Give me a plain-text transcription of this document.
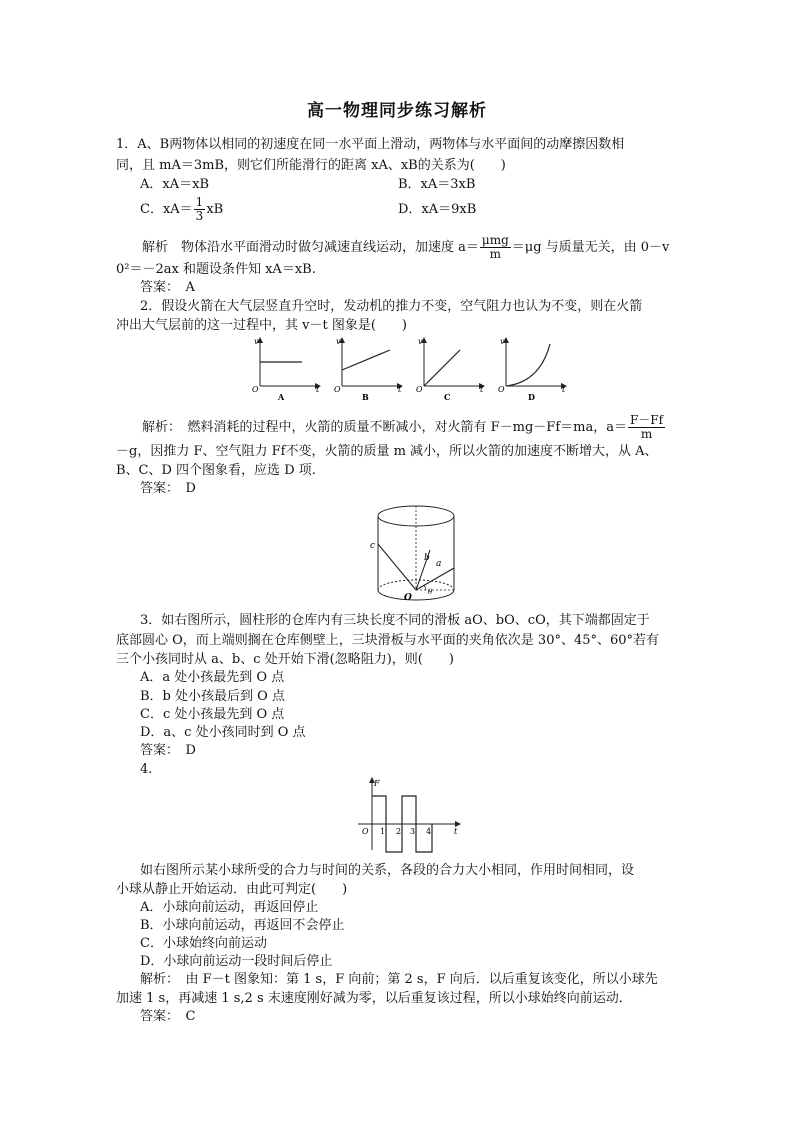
高一物理同步练习解析
1．A、B两物体以相同的初速度在同一水平面上滑动，两物体与水平面间的动摩擦因数相
同，且 mA＝3mB，则它们所能滑行的距离 xA、xB的关系为(　　)
A．xA＝xB	B．xA＝3xB
C．$xA= \frac{1}{3}$ xB	D．xA＝9xB
解析　物体沿水平面滑动时做匀减速直线运动，加速度 $a= \frac{\text{μmg}}{m} =\mu g$ 与质量无关，由 0－v
0²＝－2ax 和题设条件知 xA＝xB.
答案：　A
2．假设火箭在大气层竖直升空时，发动机的推力不变，空气阻力也认为不变，则在火箭
冲出大气层前的这一过程中，其 v－t 图象是(　　)
v
O	t
A
v
O	t
B
v
O	t
C
v
O	t
D
解析：　燃料消耗的过程中，火箭的质量不断减小，对火箭有 F－mg－Ff＝ma，$a= \frac{F-Ff}{m}$
－g，因推力 F、空气阻力 Ff不变，火箭的质量 m 减小，所以火箭的加速度不断增大，从 A、
B、C、D 四个图象看，应选 D 项.
答案：　D
c
b
a
O
θ
3．如右图所示，圆柱形的仓库内有三块长度不同的滑板 aO、bO、cO，其下端都固定于
底部圆心 O，而上端则搁在仓库侧壁上，三块滑板与水平面的夹角依次是 30°、45°、60°若有
三个小孩同时从 a、b、c 处开始下滑(忽略阻力)，则(　　)
A．a 处小孩最先到 O 点
B．b 处小孩最后到 O 点
C．c 处小孩最先到 O 点
D．a、c 处小孩同时到 O 点
答案：　D
4.
F
t
O 1 2 3 4
如右图所示某小球所受的合力与时间的关系，各段的合力大小相同，作用时间相同，设
小球从静止开始运动．由此可判定(　　)
A．小球向前运动，再返回停止
B．小球向前运动，再返回不会停止
C．小球始终向前运动
D．小球向前运动一段时间后停止
解析：　由 F－t 图象知：第 1 s，F 向前；第 2 s，F 向后．以后重复该变化，所以小球先
加速 1 s，再减速 1 s,2 s 末速度刚好减为零，以后重复该过程，所以小球始终向前运动．
答案：　C
